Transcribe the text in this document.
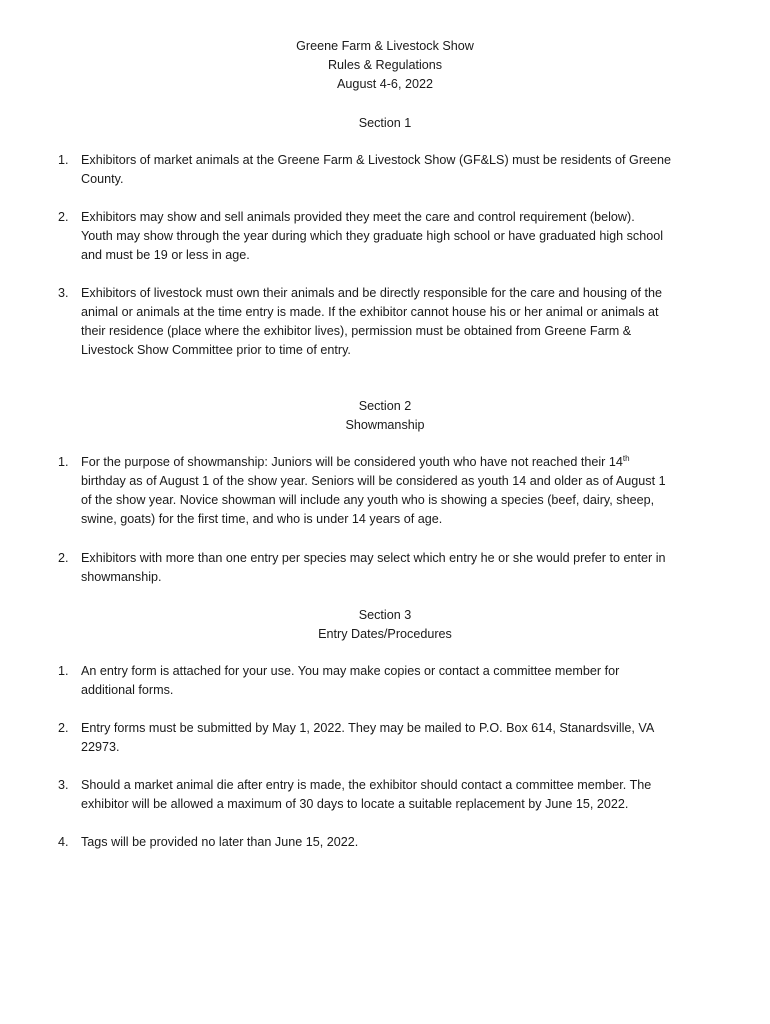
Greene Farm & Livestock Show
Rules & Regulations
August 4-6, 2022
Section 1
1. Exhibitors of market animals at the Greene Farm & Livestock Show (GF&LS) must be residents of Greene

County.

2. Exhibitors may show and sell animals provided they meet the care and control requirement (below).

Youth may show through the year during which they graduate high school or have graduated high school

and must be 19 or less in age.

3. Exhibitors of livestock must own their animals and be directly responsible for the care and housing of the

animal or animals at the time entry is made. If the exhibitor cannot house his or her animal or animals at

their residence (place where the exhibitor lives), permission must be obtained from Greene Farm &

Livestock Show Committee prior to time of entry.

Section 2
Showmanship
1. For the purpose of showmanship: Juniors will be considered youth who have not reached their 14th

birthday as of August 1 of the show year. Seniors will be considered as youth 14 and older as of August 1

of the show year. Novice showman will include any youth who is showing a species (beef, dairy, sheep,

swine, goats) for the first time, and who is under 14 years of age.

2. Exhibitors with more than one entry per species may select which entry he or she would prefer to enter in

showmanship.

Section 3
Entry Dates/Procedures
1. An entry form is attached for your use. You may make copies or contact a committee member for

additional forms.

2. Entry forms must be submitted by May 1, 2022. They may be mailed to P.O. Box 614, Stanardsville, VA

22973.

3. Should a market animal die after entry is made, the exhibitor should contact a committee member. The

exhibitor will be allowed a maximum of 30 days to locate a suitable replacement by June 15, 2022.

4. Tags will be provided no later than June 15, 2022.
